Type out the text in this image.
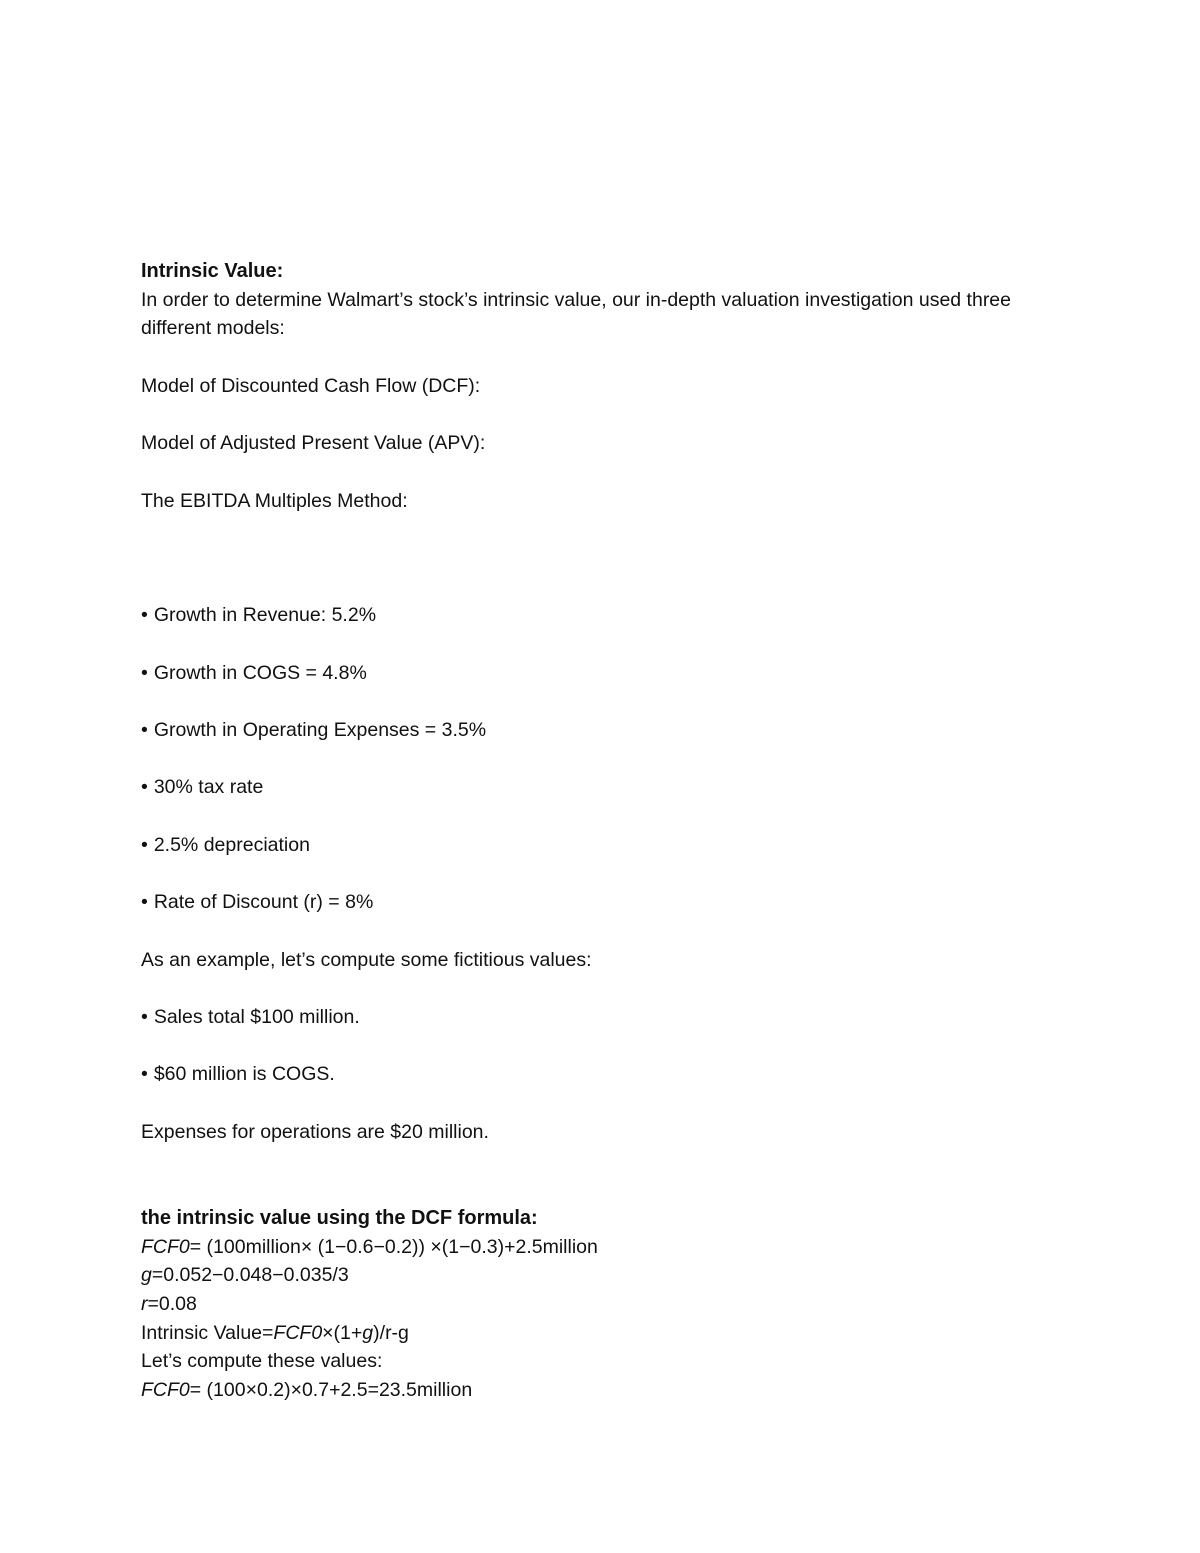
Intrinsic Value:

In order to determine Walmart’s stock’s intrinsic value, our in-depth valuation investigation used three different models:

Model of Discounted Cash Flow (DCF):

Model of Adjusted Present Value (APV):

The EBITDA Multiples Method:

• Growth in Revenue: 5.2%

• Growth in COGS = 4.8%

• Growth in Operating Expenses = 3.5%

• 30% tax rate

• 2.5% depreciation

• Rate of Discount (r) = 8%

As an example, let’s compute some fictitious values:

• Sales total $100 million.

• $60 million is COGS.

Expenses for operations are $20 million.

the intrinsic value using the DCF formula:

FCF0= (100million× (1−0.6−0.2)) ×(1−0.3)+2.5million

g=0.052−0.048−0.035/3

r=0.08

Intrinsic Value=FCF0×(1+g)/r-g

Let’s compute these values:

FCF0= (100×0.2)×0.7+2.5=23.5million
